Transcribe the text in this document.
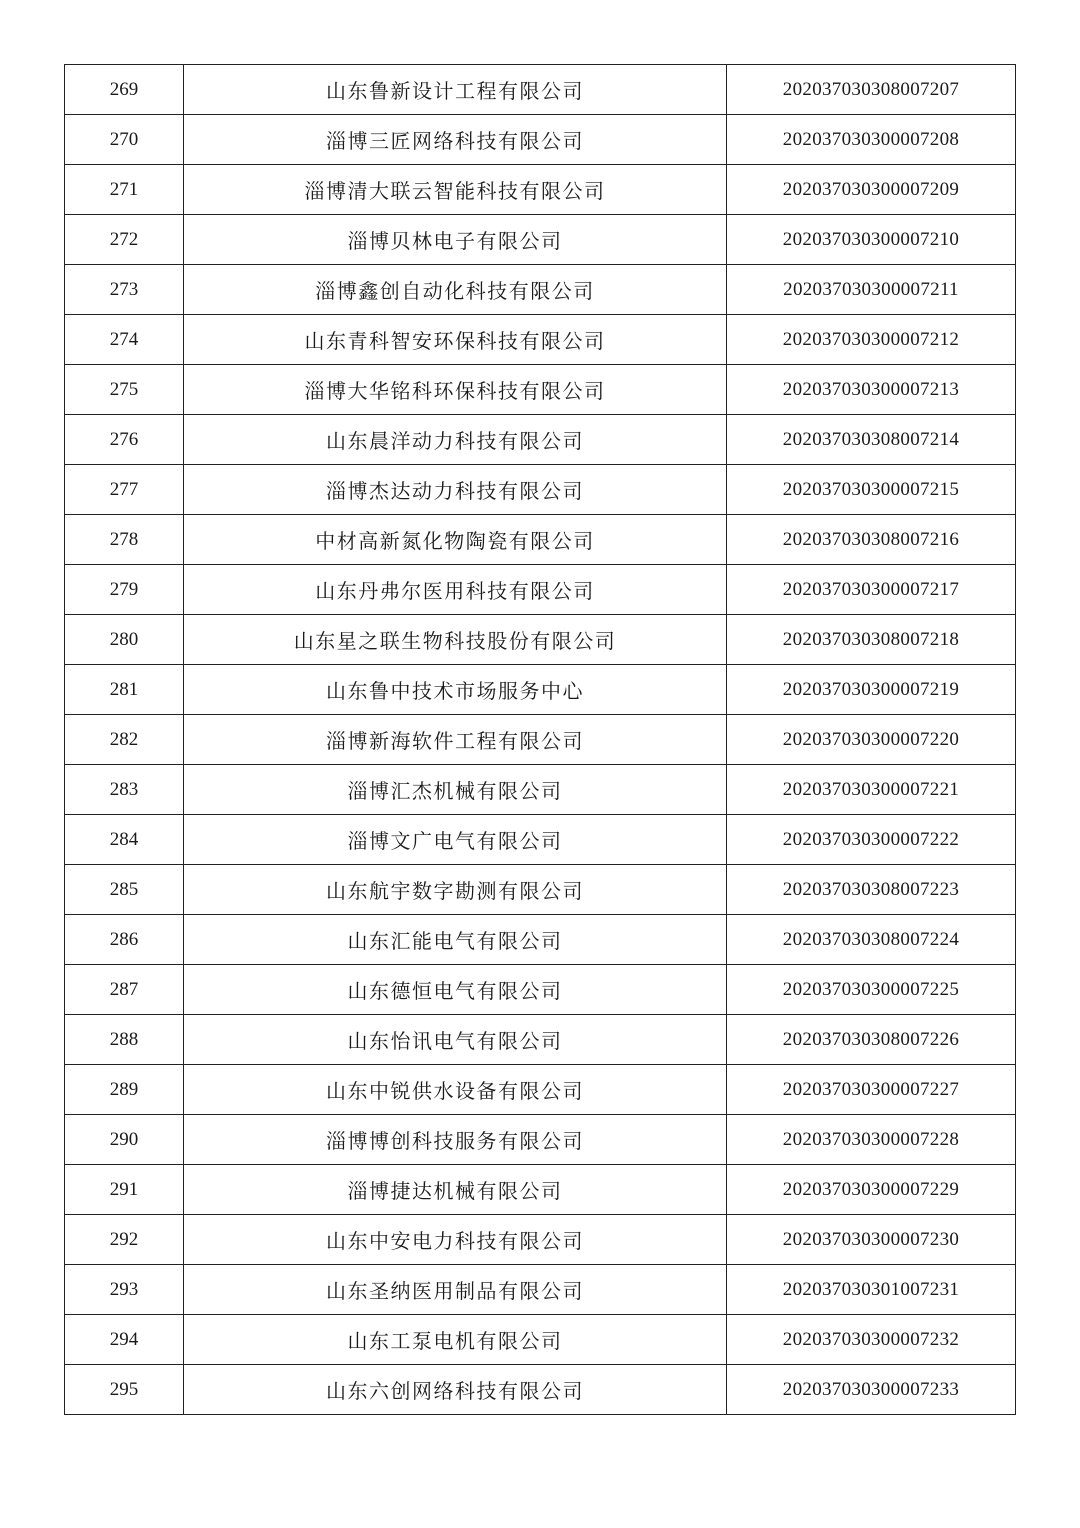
269	山东鲁新设计工程有限公司	202037030308007207
270	淄博三匠网络科技有限公司	202037030300007208
271	淄博清大联云智能科技有限公司	202037030300007209
272	淄博贝林电子有限公司	202037030300007210
273	淄博鑫创自动化科技有限公司	202037030300007211
274	山东青科智安环保科技有限公司	202037030300007212
275	淄博大华铭科环保科技有限公司	202037030300007213
276	山东晨洋动力科技有限公司	202037030308007214
277	淄博杰达动力科技有限公司	202037030300007215
278	中材高新氮化物陶瓷有限公司	202037030308007216
279	山东丹弗尔医用科技有限公司	202037030300007217
280	山东星之联生物科技股份有限公司	202037030308007218
281	山东鲁中技术市场服务中心	202037030300007219
282	淄博新海软件工程有限公司	202037030300007220
283	淄博汇杰机械有限公司	202037030300007221
284	淄博文广电气有限公司	202037030300007222
285	山东航宇数字勘测有限公司	202037030308007223
286	山东汇能电气有限公司	202037030308007224
287	山东德恒电气有限公司	202037030300007225
288	山东怡讯电气有限公司	202037030308007226
289	山东中锐供水设备有限公司	202037030300007227
290	淄博博创科技服务有限公司	202037030300007228
291	淄博捷达机械有限公司	202037030300007229
292	山东中安电力科技有限公司	202037030300007230
293	山东圣纳医用制品有限公司	202037030301007231
294	山东工泵电机有限公司	202037030300007232
295	山东六创网络科技有限公司	202037030300007233
